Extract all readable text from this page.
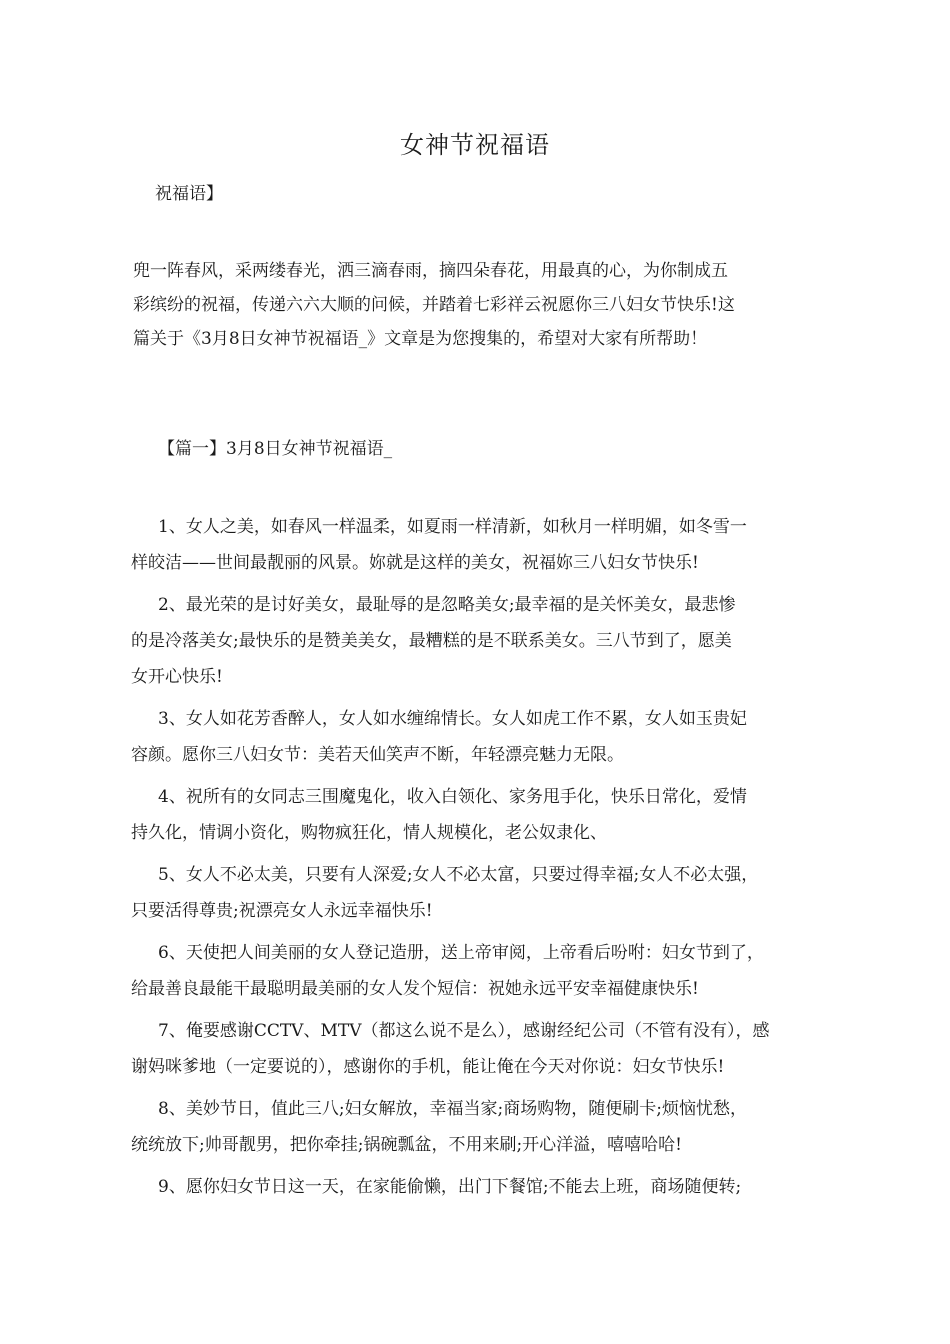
女神节祝福语
祝福语】
兜一阵春风，采两缕春光，洒三滴春雨，摘四朵春花，用最真的心，为你制成五
彩缤纷的祝福，传递六六大顺的问候，并踏着七彩祥云祝愿你三八妇女节快乐!这
篇关于《3月8日女神节祝福语_》文章是为您搜集的，希望对大家有所帮助！
【篇一】3月8日女神节祝福语_
1、女人之美，如春风一样温柔，如夏雨一样清新，如秋月一样明媚，如冬雪一
样皎洁——世间最靓丽的风景。妳就是这样的美女，祝福妳三八妇女节快乐!
2、最光荣的是讨好美女，最耻辱的是忽略美女;最幸福的是关怀美女，最悲惨
的是冷落美女;最快乐的是赞美美女，最糟糕的是不联系美女。三八节到了，愿美
女开心快乐!
3、女人如花芳香醉人，女人如水缠绵情长。女人如虎工作不累，女人如玉贵妃
容颜。愿你三八妇女节：美若天仙笑声不断，年轻漂亮魅力无限。
4、祝所有的女同志三围魔鬼化，收入白领化、家务甩手化，快乐日常化，爱情
持久化，情调小资化，购物疯狂化，情人规模化，老公奴隶化、
5、女人不必太美，只要有人深爱;女人不必太富，只要过得幸福;女人不必太强，
只要活得尊贵;祝漂亮女人永远幸福快乐!
6、天使把人间美丽的女人登记造册，送上帝审阅，上帝看后吩咐：妇女节到了，
给最善良最能干最聪明最美丽的女人发个短信：祝她永远平安幸福健康快乐!
7、俺要感谢CCTV、MTV（都这么说不是么），感谢经纪公司（不管有没有），感
谢妈咪爹地（一定要说的），感谢你的手机，能让俺在今天对你说：妇女节快乐!
8、美妙节日，值此三八;妇女解放，幸福当家;商场购物，随便刷卡;烦恼忧愁，
统统放下;帅哥靓男，把你牵挂;锅碗瓢盆，不用来刷;开心洋溢，嘻嘻哈哈!
9、愿你妇女节日这一天，在家能偷懒，出门下餐馆;不能去上班，商场随便转;
